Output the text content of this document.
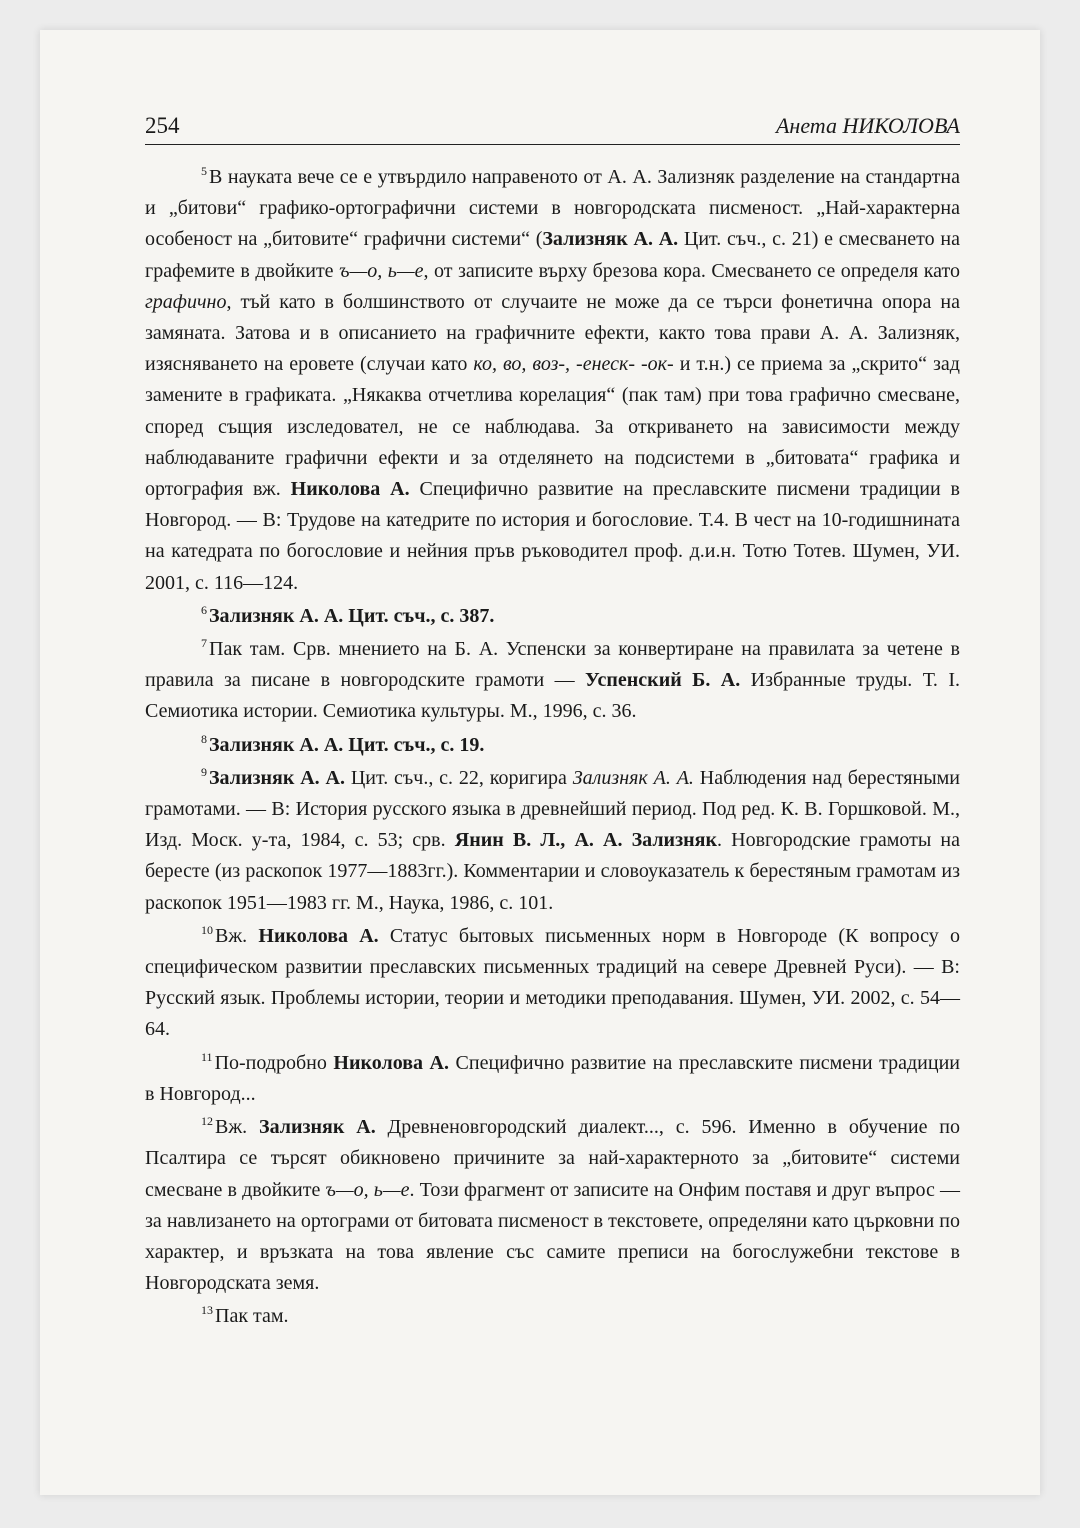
254	Анета НИКОЛОВА

$^5$ В науката вече се е утвърдило направеното от А. А. Зализняк разделение на стандартна и „битови“ графико-ортографични системи в новгородската писменост. „Най-характерна особеност на „битовите“ графични системи“ (Зализняк А. А. Цит. съч., с. 21) е смесването на графемите в двойките ъ—о, ь—е, от записите върху брезова кора. Смесването се определя като графично, тъй като в болшинството от случаите не може да се търси фонетична опора на замяната. Затова и в описанието на графичните ефекти, както това прави А. А. Зализняк, изясняването на еровете (случаи като ко, во, воз-, -енеск- -ок- и т.н.) се приема за „скрито“ зад замените в графиката. „Някаква отчетлива корелация“ (пак там) при това графично смесване, според същия изследовател, не се наблюдава. За откриването на зависимости между наблюдаваните графични ефекти и за отделянето на подсистеми в „битовата“ графика и ортография вж. Николова А. Специфично развитие на преславските писмени традиции в Новгород. — В: Трудове на катедрите по история и богословие. Т.4. В чест на 10-годишнината на катедрата по богословие и нейния пръв ръководител проф. д.и.н. Тотю Тотев. Шумен, УИ. 2001, с. 116—124.

$^6$ Зализняк А. А. Цит. съч., с. 387.

$^7$ Пак там. Срв. мнението на Б. А. Успенски за конвертиране на правилата за четене в правила за писане в новгородските грамоти — Успенский Б. А. Избранные труды. Т. I. Семиотика истории. Семиотика культуры. М., 1996, с. 36.

$^8$ Зализняк А. А. Цит. съч., с. 19.

$^9$ Зализняк А. А. Цит. съч., с. 22, коригира Зализняк А. А. Наблюдения над берестяными грамотами. — В: История русского языка в древнейший период. Под ред. К. В. Горшковой. М., Изд. Моск. у-та, 1984, с. 53; срв. Янин В. Л., А. А. Зализняк. Новгородские грамоты на бересте (из раскопок 1977—1883гг.). Комментарии и словоуказатель к берестяным грамотам из раскопок 1951—1983 гг. М., Наука, 1986, с. 101.

$^{10}$ Вж. Николова А. Статус бытовых письменных норм в Новгороде (К вопросу о специфическом развитии преславских письменных традиций на севере Древней Руси). — В: Русский язык. Проблемы истории, теории и методики преподавания. Шумен, УИ. 2002, с. 54—64.

$^{11}$ По-подробно Николова А. Специфично развитие на преславските писмени традиции в Новгород...

$^{12}$ Вж. Зализняк А. Древненовгородский диалект..., с. 596. Именно в обучение по Псалтира се търсят обикновено причините за най-характерното за „битовите“ системи смесване в двойките ъ—о, ь—е. Този фрагмент от записите на Онфим поставя и друг въпрос — за навлизането на ортограми от битовата писменост в текстовете, определяни като църковни по характер, и връзката на това явление със самите преписи на богослужебни текстове в Новгородската земя.

$^{13}$ Пак там.
